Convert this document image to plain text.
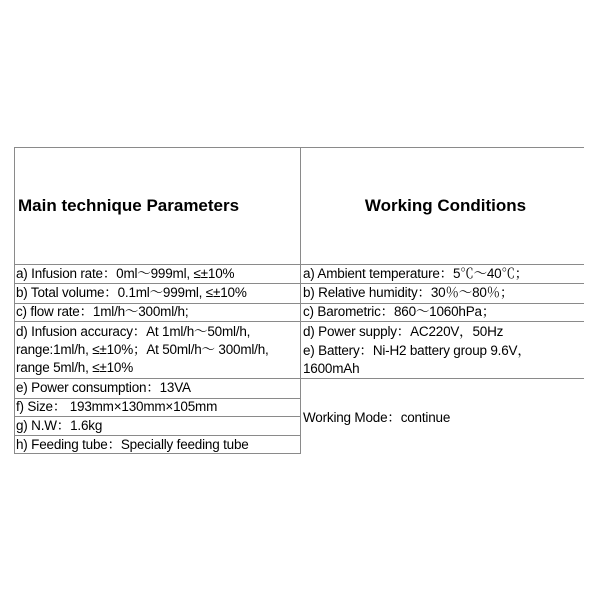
Main technique Parameters	Working Conditions
a) Infusion rate：0ml～999ml, ≤±10%
b) Total volume：0.1ml～999ml, ≤±10%
c) flow rate：1ml/h～300ml/h;
d) Infusion accuracy：At 1ml/h～50ml/h, range:1ml/h, ≤±10%；At 50ml/h～ 300ml/h, range 5ml/h, ≤±10%
e) Power consumption：13VA
f) Size： 193mm×130mm×105mm
g) N.W：1.6kg
h) Feeding tube：Specially feeding tube
a) Ambient temperature：5℃～40℃；
b) Relative humidity：30％～80％；
c) Barometric：860～1060hPa；
d) Power supply：AC220V，50Hz
e) Battery：Ni-H2 battery group 9.6V，1600mAh
Working Mode：continue
